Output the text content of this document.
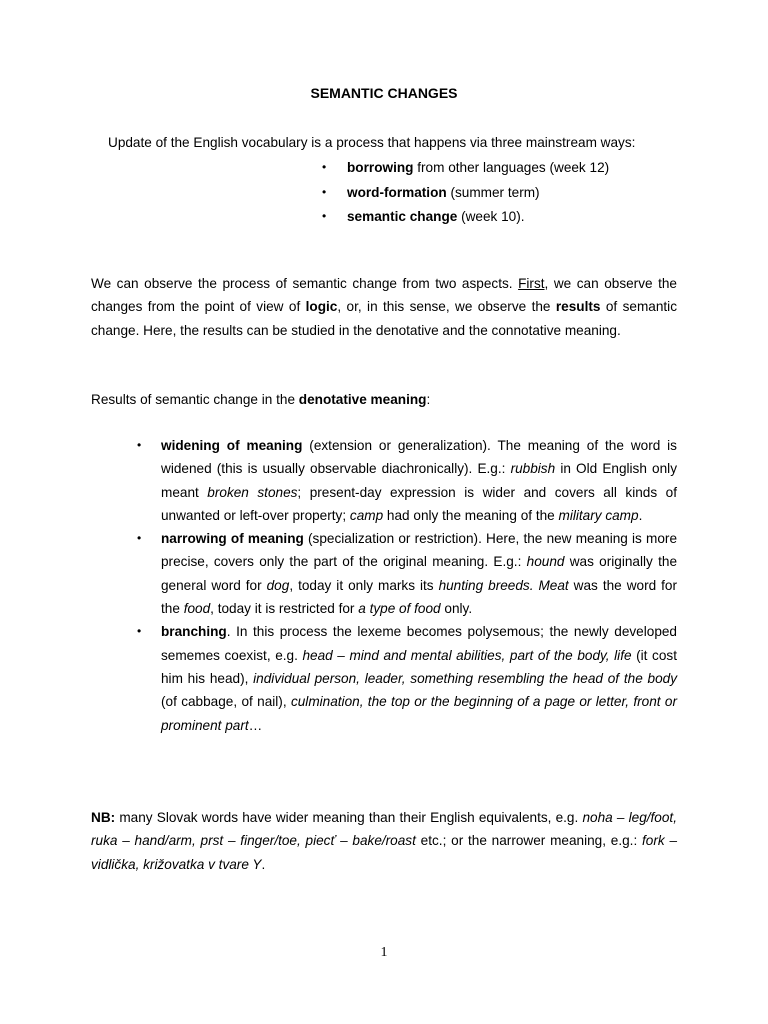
SEMANTIC CHANGES
Update of the English vocabulary is a process that happens via three mainstream ways:
• borrowing from other languages (week 12)
• word-formation (summer term)
• semantic change (week 10).
We can observe the process of semantic change from two aspects. First, we can observe the changes from the point of view of logic, or, in this sense, we observe the results of semantic change. Here, the results can be studied in the denotative and the connotative meaning.
Results of semantic change in the denotative meaning:
• widening of meaning (extension or generalization). The meaning of the word is widened (this is usually observable diachronically). E.g.: rubbish in Old English only meant broken stones; present-day expression is wider and covers all kinds of unwanted or left-over property; camp had only the meaning of the military camp.
• narrowing of meaning (specialization or restriction). Here, the new meaning is more precise, covers only the part of the original meaning. E.g.: hound was originally the general word for dog, today it only marks its hunting breeds. Meat was the word for the food, today it is restricted for a type of food only.
• branching. In this process the lexeme becomes polysemous; the newly developed sememes coexist, e.g. head – mind and mental abilities, part of the body, life (it cost him his head), individual person, leader, something resembling the head of the body (of cabbage, of nail), culmination, the top or the beginning of a page or letter, front or prominent part…
NB: many Slovak words have wider meaning than their English equivalents, e.g. noha – leg/foot, ruka – hand/arm, prst – finger/toe, piecť – bake/roast etc.; or the narrower meaning, e.g.: fork – vidlička, križovatka v tvare Y.
1
